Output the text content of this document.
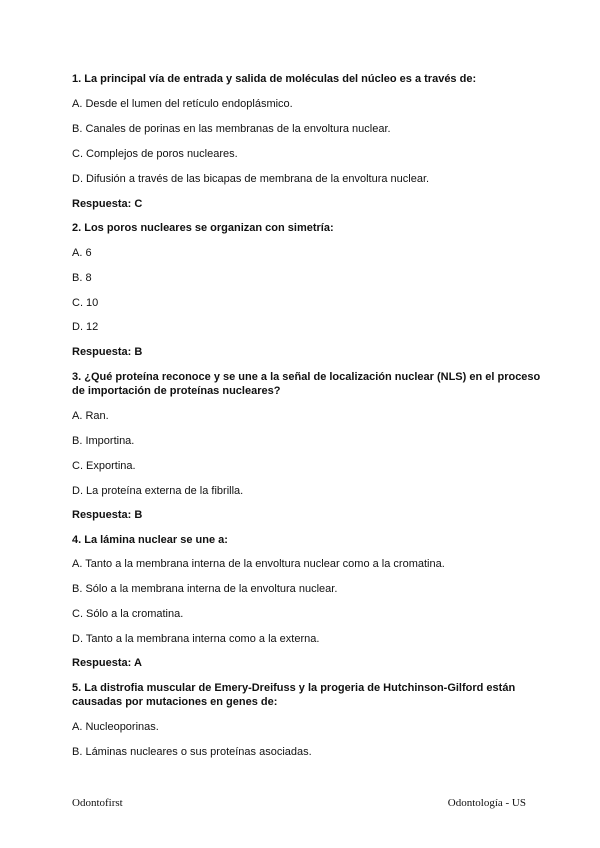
1. La principal vía de entrada y salida de moléculas del núcleo es a través de:
A. Desde el lumen del retículo endoplásmico.
B. Canales de porinas en las membranas de la envoltura nuclear.
C. Complejos de poros nucleares.
D. Difusión a través de las bicapas de membrana de la envoltura nuclear.
Respuesta: C
2. Los poros nucleares se organizan con simetría:
A. 6
B. 8
C. 10
D. 12
Respuesta: B
3. ¿Qué proteína reconoce y se une a la señal de localización nuclear (NLS) en el proceso de importación de proteínas nucleares?
A. Ran.
B. Importina.
C. Exportina.
D. La proteína externa de la fibrilla.
Respuesta: B
4. La lámina nuclear se une a:
A. Tanto a la membrana interna de la envoltura nuclear como a la cromatina.
B. Sólo a la membrana interna de la envoltura nuclear.
C. Sólo a la cromatina.
D. Tanto a la membrana interna como a la externa.
Respuesta: A
5. La distrofia muscular de Emery-Dreifuss y la progeria de Hutchinson-Gilford están causadas por mutaciones en genes de:
A. Nucleoporinas.
B. Láminas nucleares o sus proteínas asociadas.
Odontofirst	Odontología - US
